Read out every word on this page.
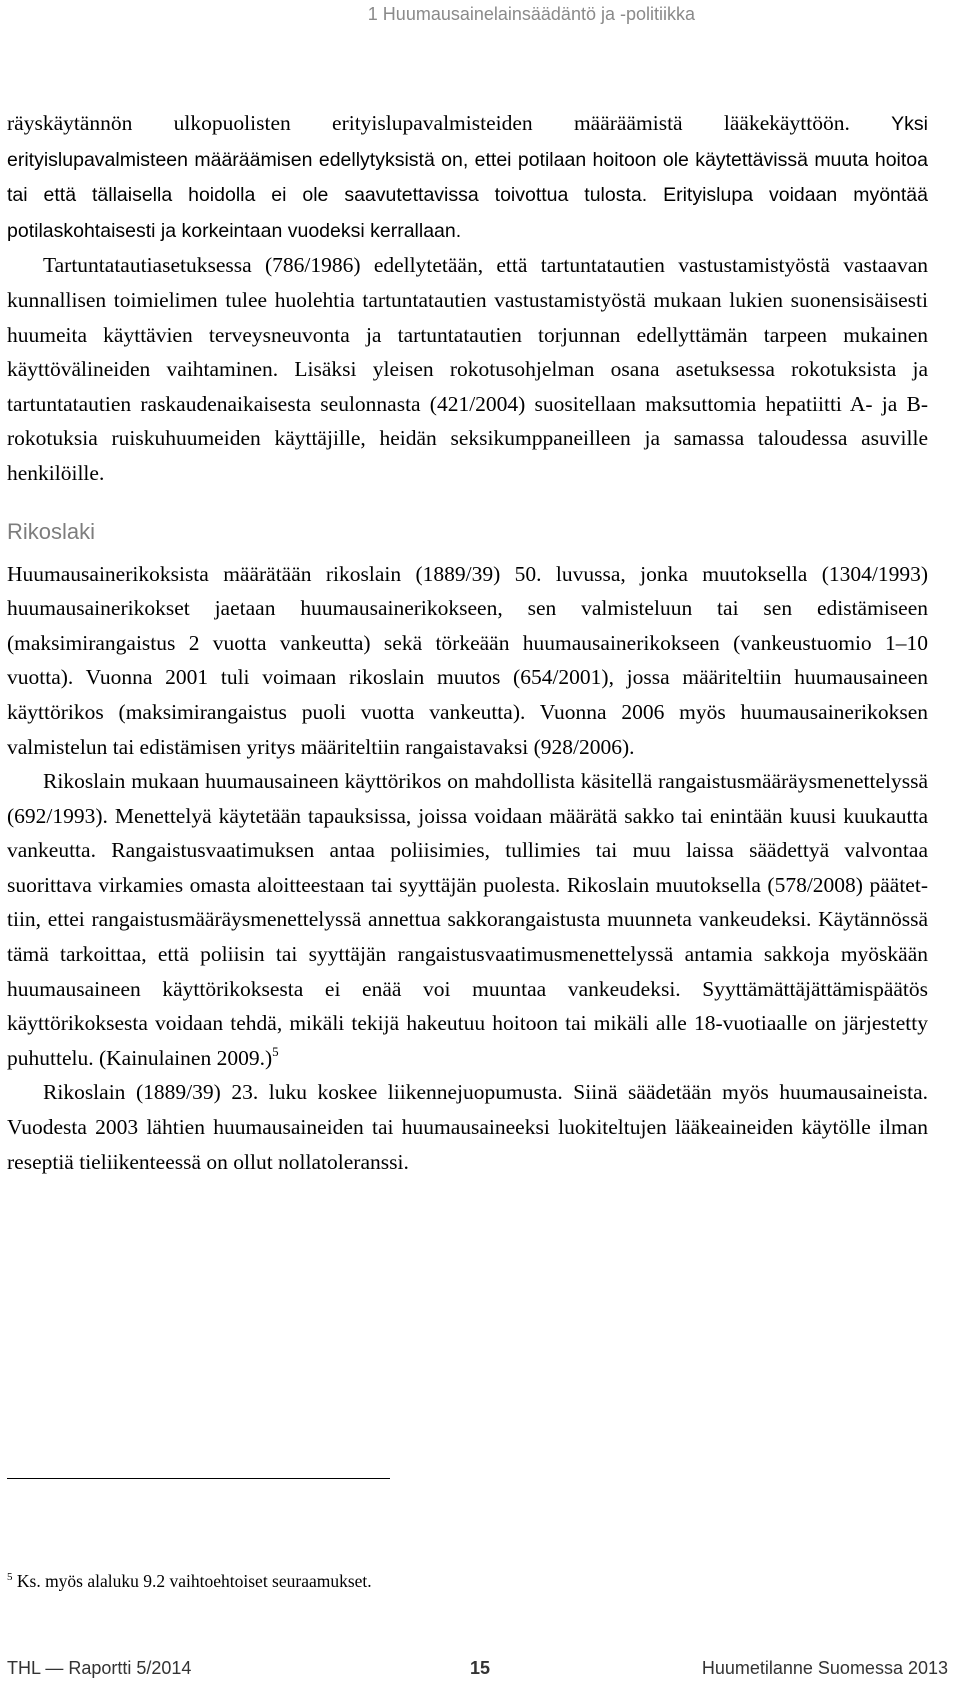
1 Huumausainelainsäädäntö ja -politiikka

räyskäytännön ulkopuolisten erityislupavalmisteiden määräämistä lääkekäyttöön. Yksi erityislupavalmisteen määräämisen edellytyksistä on, ettei potilaan hoitoon ole käytettävissä muuta hoitoa tai että tällaisella hoidolla ei ole saavutettavissa toivottua tulosta. Erityislupa voidaan myöntää potilaskohtaisesti ja korkeintaan vuodeksi kerrallaan.

Tartuntatautiasetuksessa (786/1986) edellytetään, että tartuntatautien vastustamistyöstä vastaavan kunnallisen toimielimen tulee huolehtia tartuntatautien vastustamistyöstä mukaan lukien suonensisäisesti huumeita käyttävien terveysneuvonta ja tartuntatautien torjunnan edellyttämän tarpeen mukainen käyttövälineiden vaihtaminen. Lisäksi yleisen rokotusohjelman osana asetuksessa rokotuksista ja tartuntatautien raskaudenaikaisesta seulonnasta (421/2004) suositellaan maksuttomia hepatiitti A- ja B-rokotuksia ruiskuhuumeiden käyttäjille, heidän seksikumppaneilleen ja samassa taloudessa asuville henkilöille.

Rikoslaki

Huumausainerikoksista määrätään rikoslain (1889/39) 50. luvussa, jonka muutoksella (1304/1993) huumausainerikokset jaetaan huumausainerikokseen, sen valmisteluun tai sen edistämiseen (maksimirangaistus 2 vuotta vankeutta) sekä törkeään huumausainerikokseen (vankeustuomio 1–10 vuotta). Vuonna 2001 tuli voimaan rikoslain muutos (654/2001), jossa määriteltiin huumausaineen käyttörikos (maksimirangaistus puoli vuotta vankeutta). Vuonna 2006 myös huumausainerikoksen valmistelun tai edistämisen yritys määriteltiin rangaistavaksi (928/2006).

Rikoslain mukaan huumausaineen käyttörikos on mahdollista käsitellä rangaistusmääräysmenettelyssä (692/1993). Menettelyä käytetään tapauksissa, joissa voidaan määrätä sakko tai enintään kuusi kuukautta vankeutta. Rangaistusvaatimuksen antaa poliisimies, tullimies tai muu laissa säädettyä valvontaa suorittava virkamies omasta aloitteestaan tai syyttäjän puolesta. Rikoslain muutoksella (578/2008) päätettiin, ettei rangaistusmääräysmenettelyssä annettua sakkorangaistusta muunneta vankeudeksi. Käytännössä tämä tarkoittaa, että poliisin tai syyttäjän rangaistusvaatimusmenettelyssä antamia sakkoja myöskään huumausaineen käyttörikoksesta ei enää voi muuntaa vankeudeksi. Syyttämättäjättämispäätös käyttörikoksesta voidaan tehdä, mikäli tekijä hakeutuu hoitoon tai mikäli alle 18-vuotiaalle on järjestetty puhuttelu. (Kainulainen 2009.)$^5$

Rikoslain (1889/39) 23. luku koskee liikennejuopumusta. Siinä säädetään myös huumausaineista. Vuodesta 2003 lähtien huumausaineiden tai huumausaineeksi luokiteltujen lääkeaineiden käytölle ilman reseptiä tieliikenteessä on ollut nollatoleranssi.

$^5$ Ks. myös alaluku 9.2 vaihtoehtoiset seuraamukset.
THL — Raportti 5/2014	15	Huumetilanne Suomessa 2013
